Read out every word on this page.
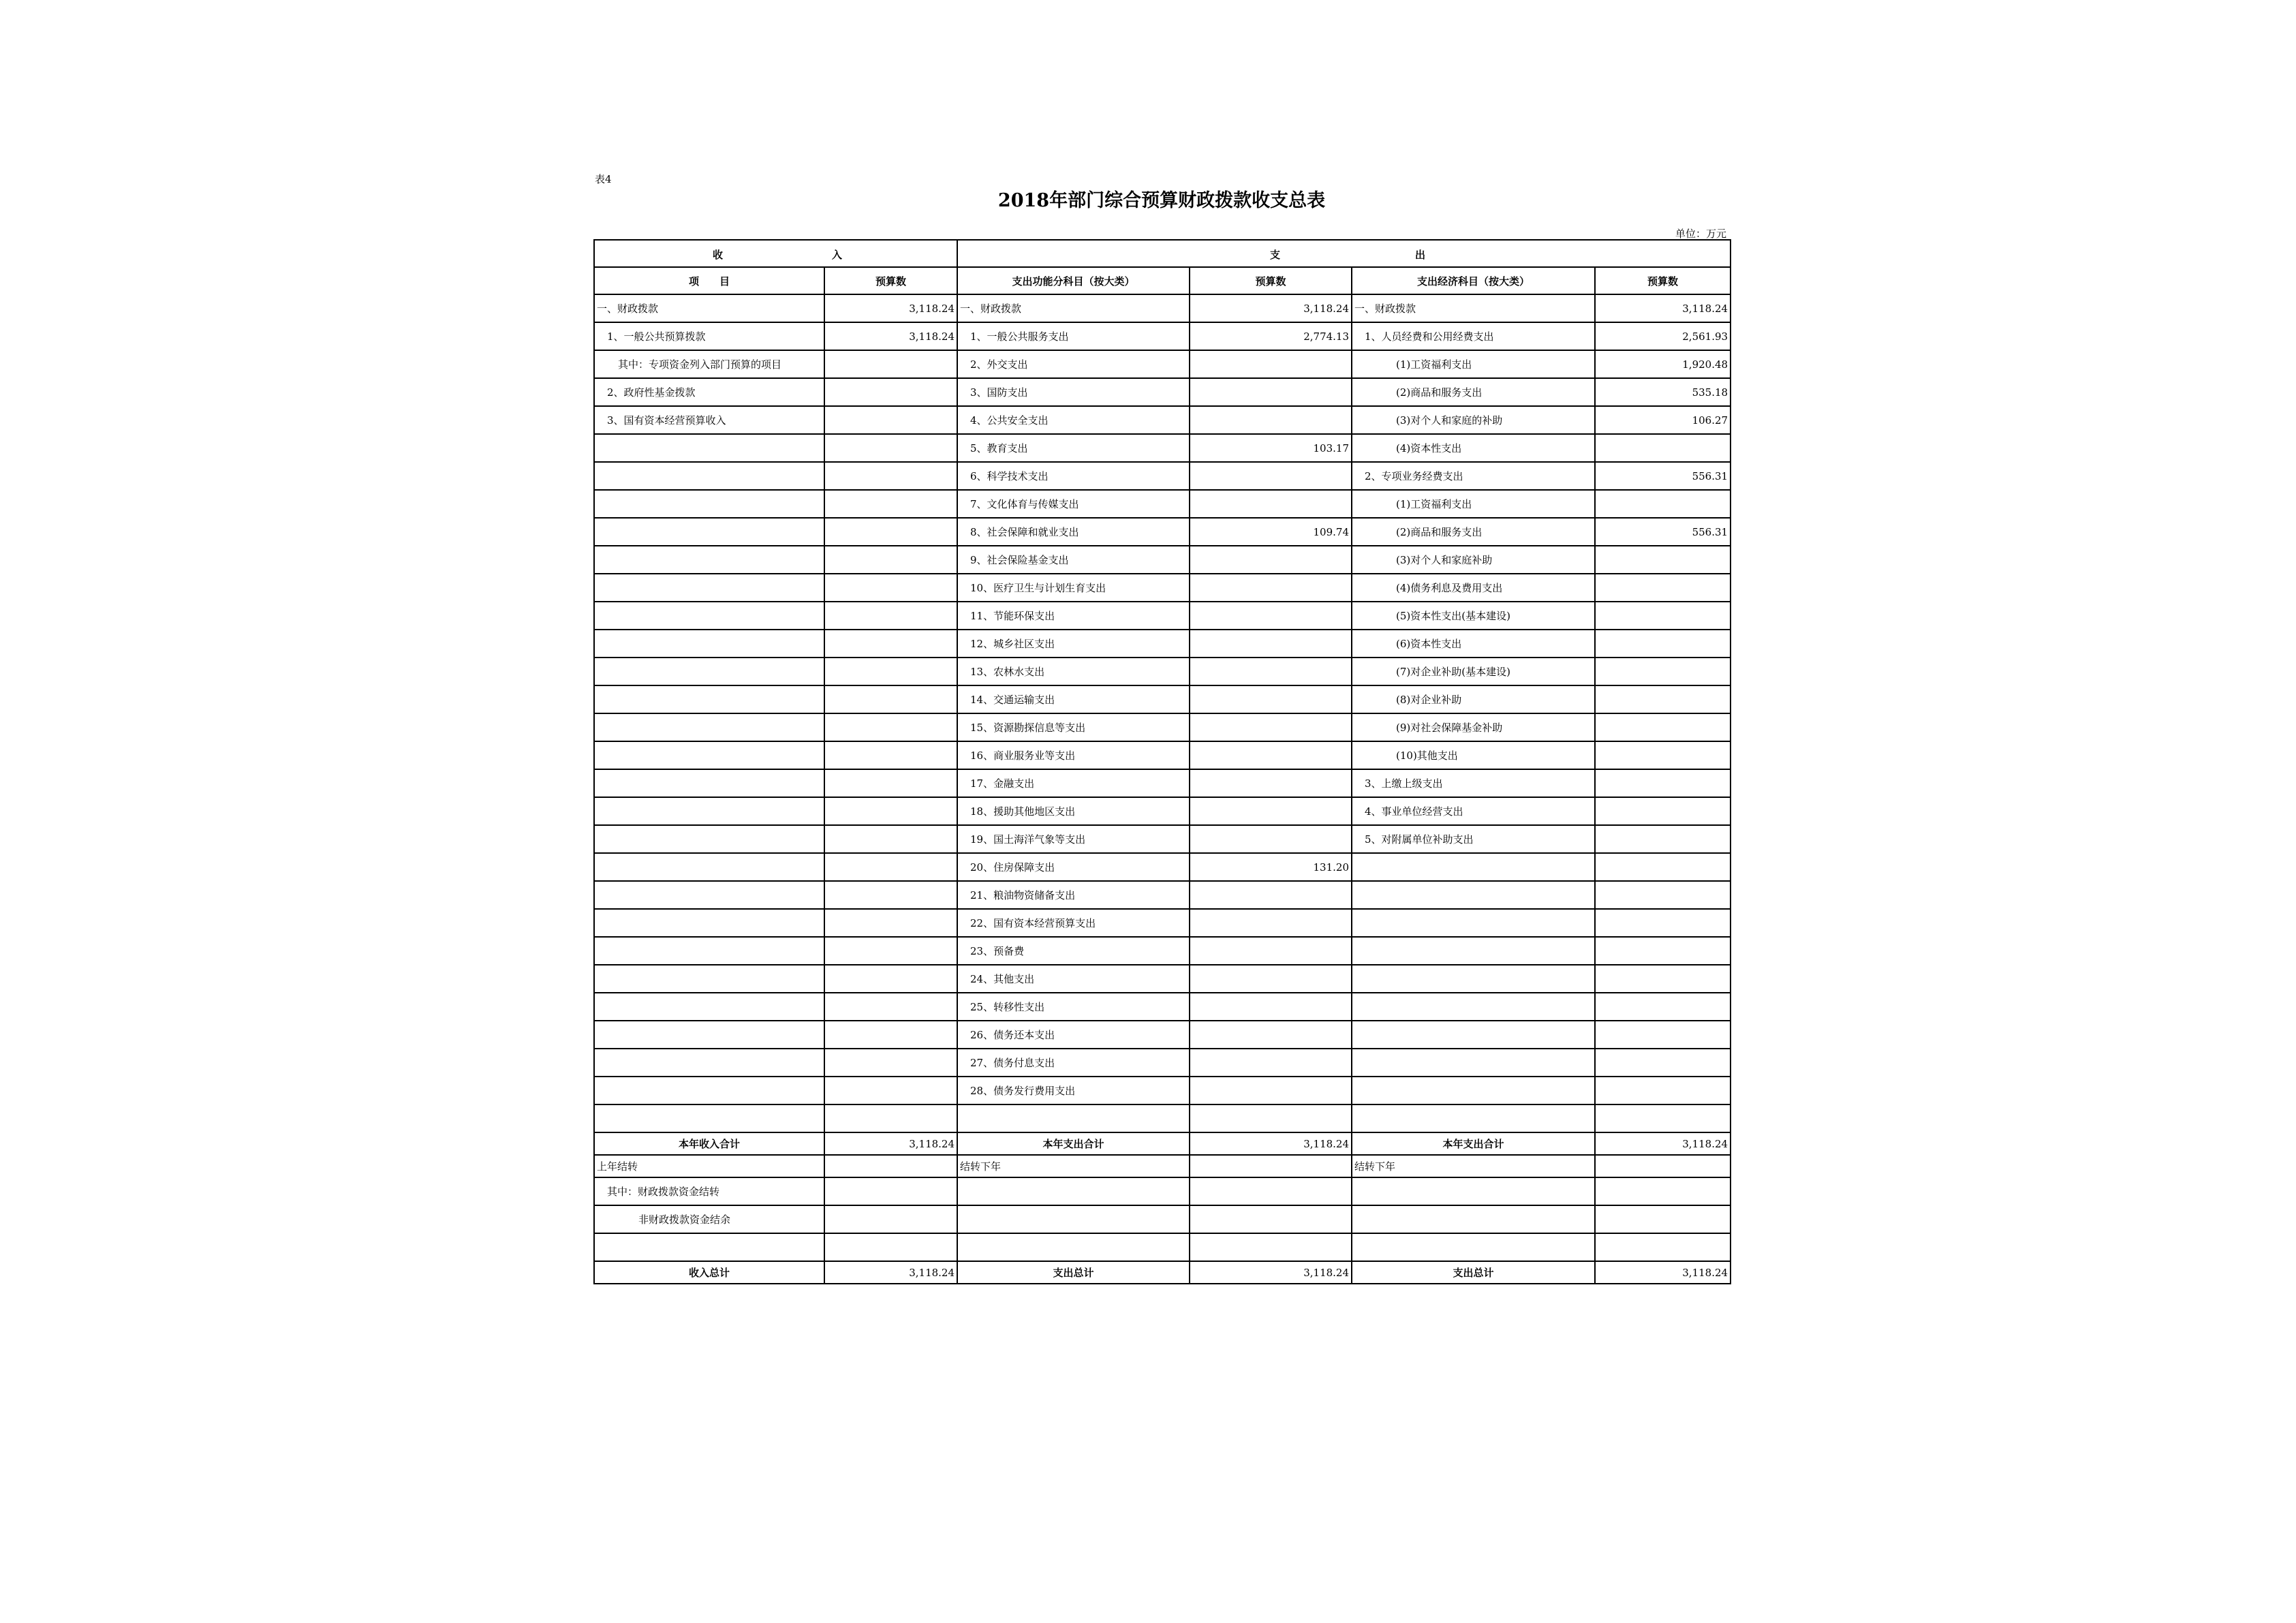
表4
2018年部门综合预算财政拨款收支总表
单位：万元
收 入		支 出			

项　　目	预算数	支出功能分科目（按大类）	预算数	支出经济科目（按大类）	预算数
一、财政拨款	3,118.24	一、财政拨款	3,118.24	一、财政拨款	3,118.24
1、一般公共预算拨款	3,118.24	1、一般公共服务支出	2,774.13	1、人员经费和公用经费支出	2,561.93
其中：专项资金列入部门预算的项目		2、外交支出		(1)工资福利支出	1,920.48
2、政府性基金拨款		3、国防支出		(2)商品和服务支出	535.18
3、国有资本经营预算收入		4、公共安全支出		(3)对个人和家庭的补助	106.27
		5、教育支出	103.17	(4)资本性支出	
		6、科学技术支出		2、专项业务经费支出	556.31
		7、文化体育与传媒支出		(1)工资福利支出	
		8、社会保障和就业支出	109.74	(2)商品和服务支出	556.31
		9、社会保险基金支出		(3)对个人和家庭补助	
		10、医疗卫生与计划生育支出		(4)债务利息及费用支出	
		11、节能环保支出		(5)资本性支出(基本建设)	
		12、城乡社区支出		(6)资本性支出	
		13、农林水支出		(7)对企业补助(基本建设)	
		14、交通运输支出		(8)对企业补助	
		15、资源勘探信息等支出		(9)对社会保障基金补助	
		16、商业服务业等支出		(10)其他支出	
		17、金融支出		3、上缴上级支出	
		18、援助其他地区支出		4、事业单位经营支出	
		19、国土海洋气象等支出		5、对附属单位补助支出	
		20、住房保障支出	131.20		
		21、粮油物资储备支出			
		22、国有资本经营预算支出			
		23、预备费			
		24、其他支出			
		25、转移性支出			
		26、债务还本支出			
		27、债务付息支出			
		28、债务发行费用支出			

本年收入合计	3,118.24	本年支出合计	3,118.24	本年支出合计	3,118.24
上年结转		结转下年		结转下年	
其中：财政拨款资金结转					
非财政拨款资金结余					

收入总计	3,118.24	支出总计	3,118.24	支出总计	3,118.24
